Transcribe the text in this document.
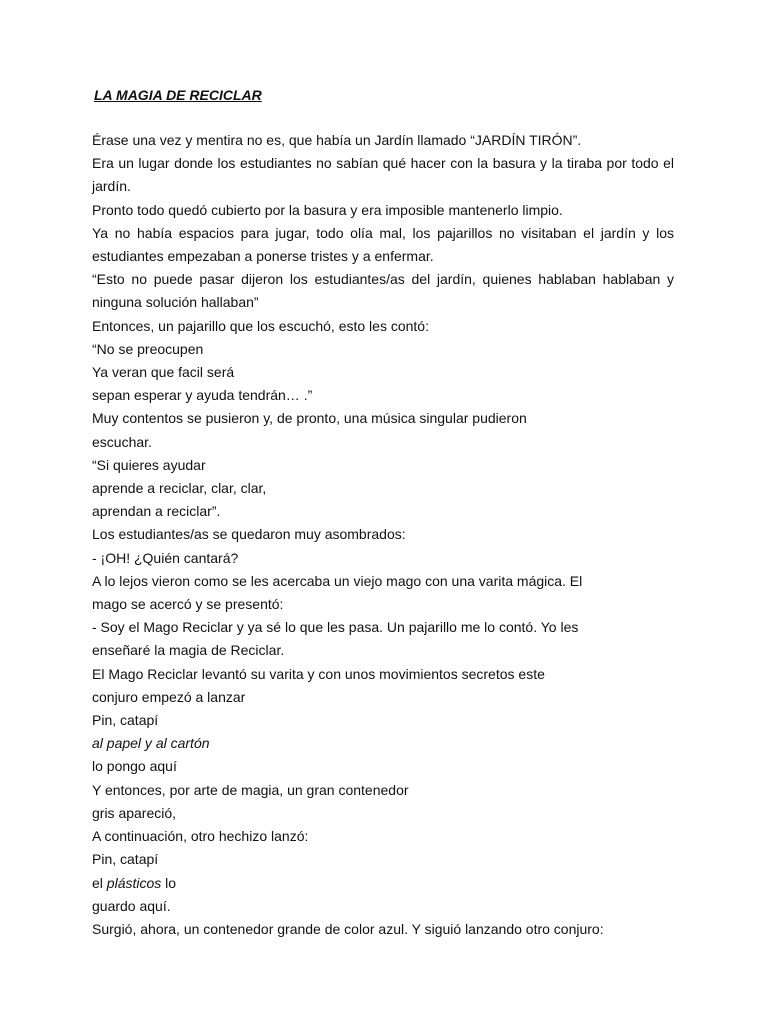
LA MAGIA DE RECICLAR
Érase una vez y mentira no es, que había un Jardín llamado “JARDÍN TIRÓN”.
Era un lugar donde los estudiantes no sabían qué hacer con la basura y la tiraba por todo el
jardín.
Pronto todo quedó cubierto por la basura y era imposible mantenerlo limpio.
Ya no había espacios para jugar, todo olía mal, los pajarillos no visitaban el jardín y los
estudiantes empezaban a ponerse tristes y a enfermar.
“Esto no puede pasar dijeron los estudiantes/as del jardín, quienes hablaban hablaban y
ninguna solución hallaban”
Entonces, un pajarillo que los escuchó, esto les contó:
“No se preocupen
Ya veran que facil será
sepan esperar y ayuda tendrán… .”
Muy contentos se pusieron y, de pronto, una música singular pudieron
escuchar.
“Si quieres ayudar
aprende a reciclar, clar, clar,
aprendan a reciclar”.
Los estudiantes/as se quedaron muy asombrados:
- ¡OH! ¿Quién cantará?
A lo lejos vieron como se les acercaba un viejo mago con una varita mágica. El
mago se acercó y se presentó:
- Soy el Mago Reciclar y ya sé lo que les pasa. Un pajarillo me lo contó. Yo les
enseñaré la magia de Reciclar.
El Mago Reciclar levantó su varita y con unos movimientos secretos este
conjuro empezó a lanzar
Pin, catapí
al papel y al cartón
lo pongo aquí
Y entonces, por arte de magia, un gran contenedor
gris apareció,
A continuación, otro hechizo lanzó:
Pin, catapí
el plásticos lo
guardo aquí.
Surgió, ahora, un contenedor grande de color azul. Y siguió lanzando otro conjuro:
